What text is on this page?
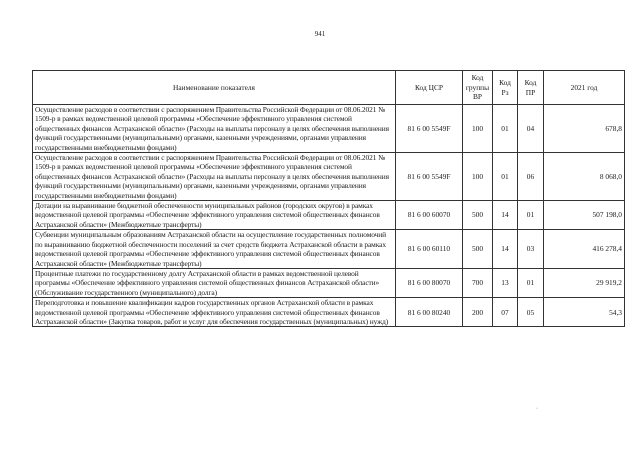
941
Наименование показателя	Код ЦСР	Код группы ВР	Код Рз	Код ПР	2021 год
Осуществление расходов в соответствии с распоряжением Правительства Российской Федерации от 08.06.2021 № 1509-р в рамках ведомственной целевой программы «Обеспечение эффективного управления системой общественных финансов Астраханской области» (Расходы на выплаты персоналу в целях обеспечения выполнения функций государственными (муниципальными) органами, казенными учреждениями, органами управления государственными внебюджетными фондами)	81 6 00 5549F	100	01	04	678,8
Осуществление расходов в соответствии с распоряжением Правительства Российской Федерации от 08.06.2021 № 1509-р в рамках ведомственной целевой программы «Обеспечение эффективного управления системой общественных финансов Астраханской области» (Расходы на выплаты персоналу в целях обеспечения выполнения функций государственными (муниципальными) органами, казенными учреждениями, органами управления государственными внебюджетными фондами)	81 6 00 5549F	100	01	06	8 068,0
Дотации на выравнивание бюджетной обеспеченности муниципальных районов (городских округов) в рамках ведомственной целевой программы «Обеспечение эффективного управления системой общественных финансов Астраханской области» (Межбюджетные трансферты)	81 6 00 60070	500	14	01	507 198,0
Субвенции муниципальным образованиям Астраханской области на осуществление государственных полномочий по выравниванию бюджетной обеспеченности поселений за счет средств бюджета Астраханской области в рамках ведомственной целевой программы «Обеспечение эффективного управления системой общественных финансов Астраханской области» (Межбюджетные трансферты)	81 6 00 60110	500	14	03	416 278,4
Процентные платежи по государственному долгу Астраханской области в рамках ведомственной целевой программы «Обеспечение эффективного управления системой общественных финансов Астраханской области» (Обслуживание государственного (муниципального) долга)	81 6 00 80070	700	13	01	29 919,2
Переподготовка и повышение квалификации кадров государственных органов Астраханской области в рамках ведомственной целевой программы «Обеспечение эффективного управления системой общественных финансов Астраханской области» (Закупка товаров, работ и услуг для обеспечения государственных (муниципальных) нужд)	81 6 00 80240	200	07	05	54,3
·
